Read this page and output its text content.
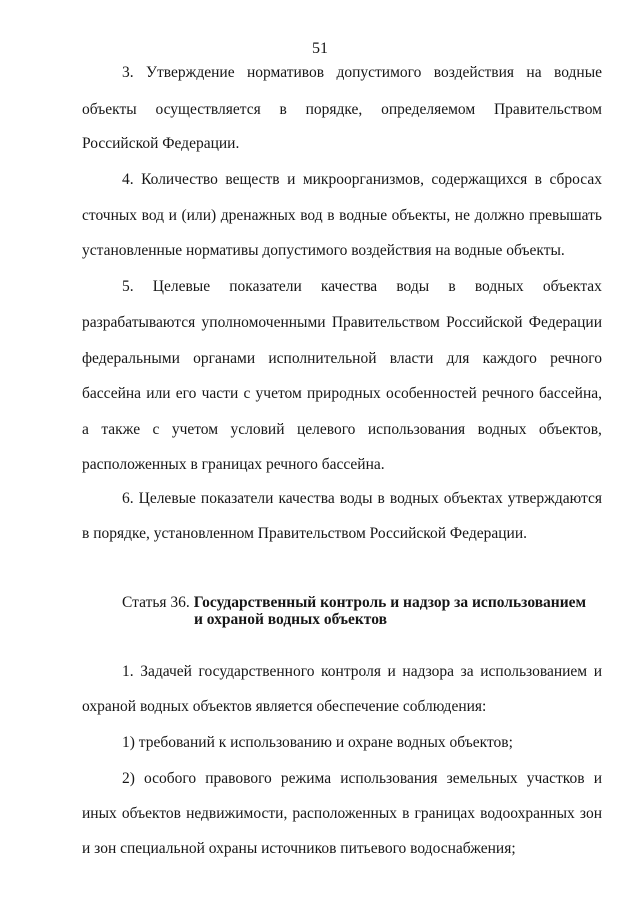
51
3. Утверждение нормативов допустимого воздействия на водные
объекты осуществляется в порядке, определяемом Правительством
Российской Федерации.
4. Количество веществ и микроорганизмов, содержащихся в сбросах
сточных вод и (или) дренажных вод в водные объекты, не должно превышать
установленные нормативы допустимого воздействия на водные объекты.
5. Целевые показатели качества воды в водных объектах
разрабатываются уполномоченными Правительством Российской Федерации
федеральными органами исполнительной власти для каждого речного
бассейна или его части с учетом природных особенностей речного бассейна,
а также с учетом условий целевого использования водных объектов,
расположенных в границах речного бассейна.
6. Целевые показатели качества воды в водных объектах утверждаются
в порядке, установленном Правительством Российской Федерации.
Статья 36. Государственный контроль и надзор за использованием
и охраной водных объектов
1. Задачей государственного контроля и надзора за использованием и
охраной водных объектов является обеспечение соблюдения:
1) требований к использованию и охране водных объектов;
2) особого правового режима использования земельных участков и
иных объектов недвижимости, расположенных в границах водоохранных зон
и зон специальной охраны источников питьевого водоснабжения;
